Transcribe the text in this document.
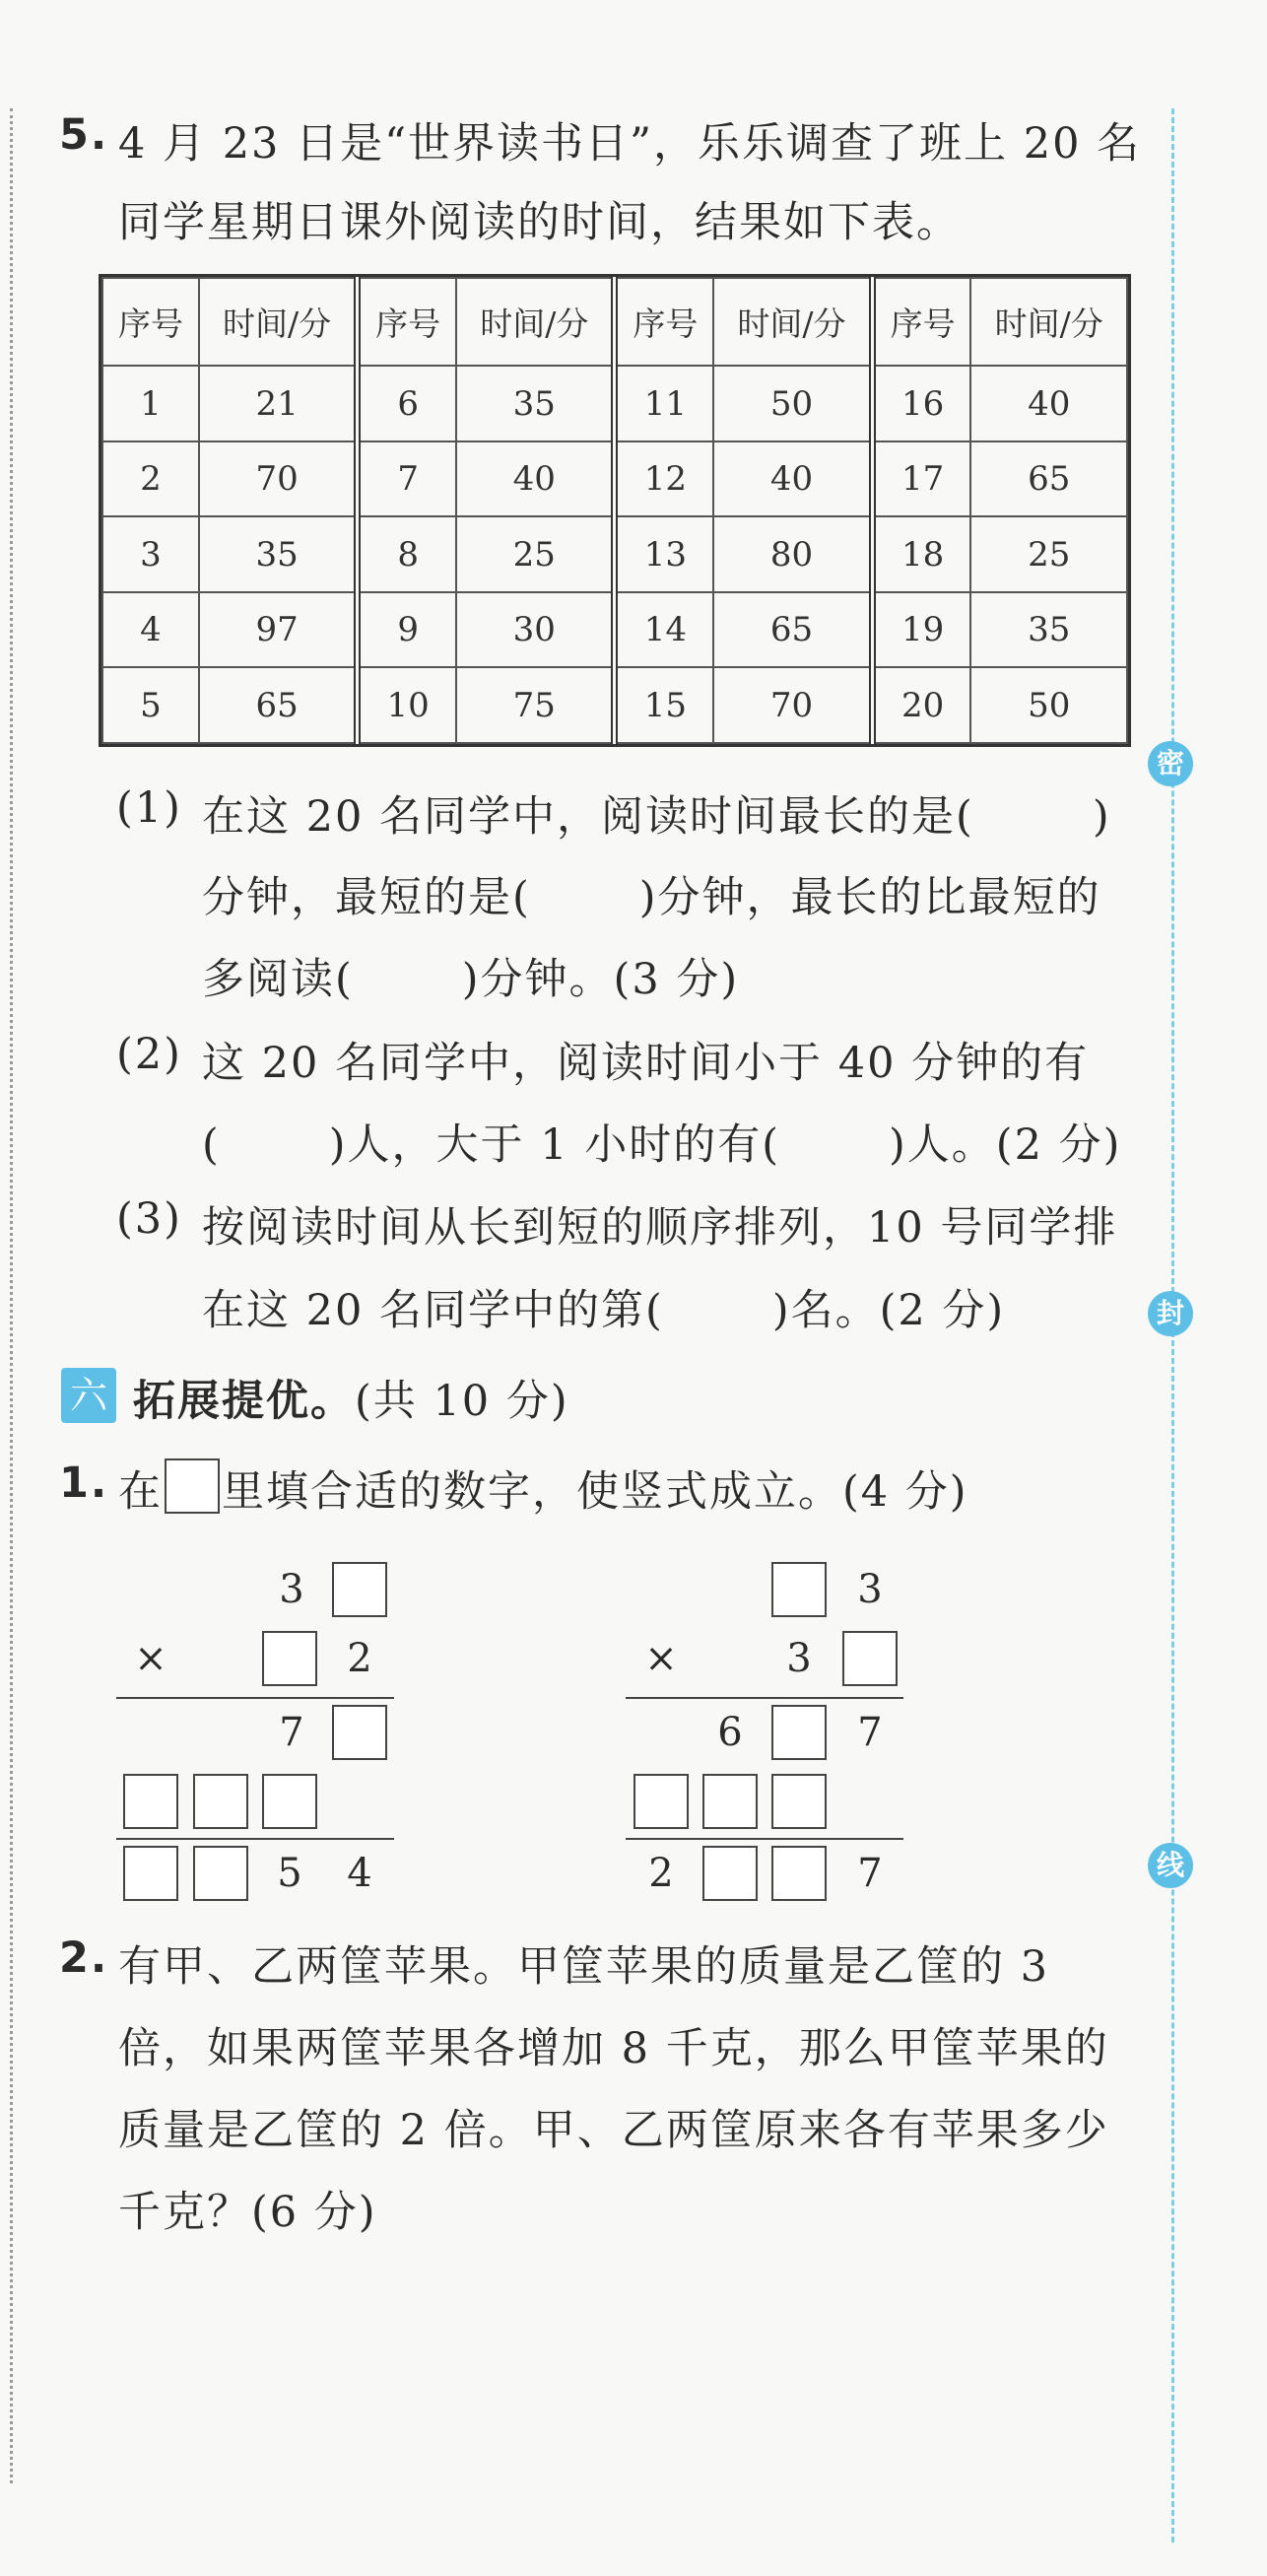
密
封
线
5. 4 月 23 日是“世界读书日”，乐乐调查了班上 20 名
同学星期日课外阅读的时间，结果如下表。
序号	时间/分	序号	时间/分	序号	时间/分	序号	时间/分
1	21	6	35	11	50	16	40
2	70	7	40	12	40	17	65
3	35	8	25	13	80	18	25
4	97	9	30	14	65	19	35
5	65	10	75	15	70	20	50
(1) 在这 20 名同学中，阅读时间最长的是(	)
分钟，最短的是(	)分钟，最长的比最短的
多阅读(	)分钟。(3 分)
(2) 这 20 名同学中，阅读时间小于 40 分钟的有
(	)人，大于 1 小时的有(	)人。(2 分)
(3) 按阅读时间从长到短的顺序排列，10 号同学排
在这 20 名同学中的第(	)名。(2 分)
六 拓展提优。(共 10 分)
1. 在 里填合适的数字，使竖式成立。(4 分)
3
×	2
7
5	4
3
×	3
6	7
2	7
2. 有甲、乙两筐苹果。甲筐苹果的质量是乙筐的 3
倍，如果两筐苹果各增加 8 千克，那么甲筐苹果的
质量是乙筐的 2 倍。甲、乙两筐原来各有苹果多少
千克？(6 分)
